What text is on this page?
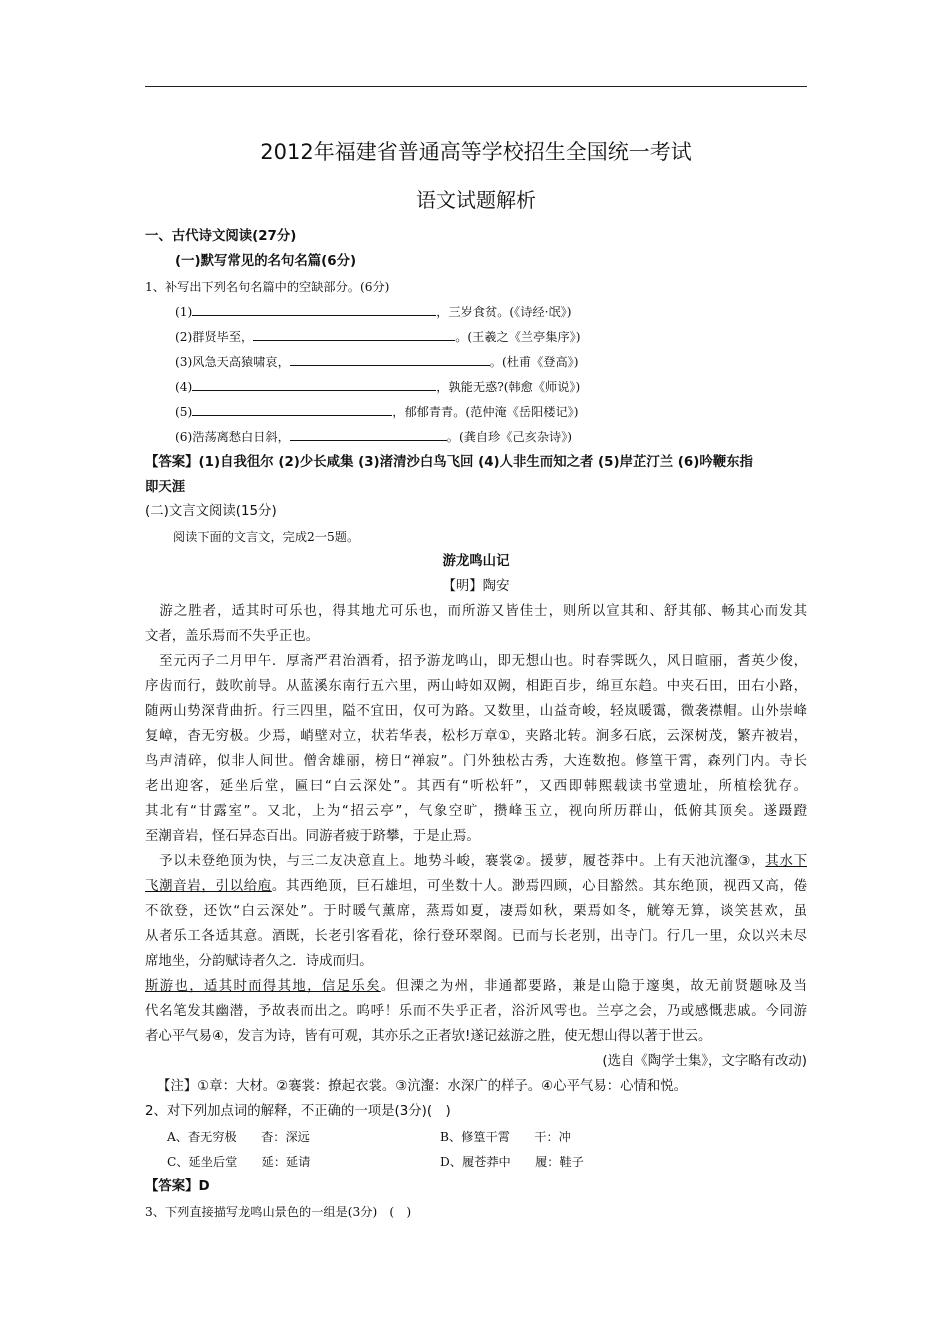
2012年福建省普通高等学校招生全国统一考试
语文试题解析
一、古代诗文阅读(27分)
(一)默写常见的名句名篇(6分)
1、补写出下列名句名篇中的空缺部分。(6分)
(1)	，三岁食贫。(《诗经·氓》)
(2)群贤毕至，	。(王羲之《兰亭集序》)
(3)风急天高猿啸哀，	。(杜甫《登高》)
(4)	，孰能无惑?(韩愈《师说》)
(5)	，郁郁青青。(范仲淹《岳阳楼记》)
(6)浩荡离愁白日斜，	。(龚自珍《己亥杂诗》)
【答案】(1)自我徂尔 (2)少长咸集 (3)渚清沙白鸟飞回 (4)人非生而知之者 (5)岸芷汀兰 (6)吟鞭东指
即天涯
(二)文言文阅读(15分)
阅读下面的文言文，完成2一5题。
游龙鸣山记
【明】陶安
　游之胜者，适其时可乐也，得其地尤可乐也，而所游又皆佳士，则所以宣其和、舒其郁、畅其心而发其
文者，盖乐焉而不失乎正也。
　至元丙子二月甲午．厚斋严君治酒肴，招予游龙鸣山，即无想山也。时春霁既久，风日暄丽，耆英少俊，
序齿而行，鼓吹前导。从蓝溪东南行五六里，两山峙如双阙，相距百步，绵亘东趋。中夹石田，田右小路，
随两山势深背曲折。行三四里，隘不宜田，仅可为路。又数里，山益奇峻，轻岚暖霭，微袭襟帽。山外崇峰
复嶂，杳无穷极。少焉，峭壁对立，状若华表，松杉万章①，夹路北转。涧多石底，云深树茂，繁卉被岩，
鸟声清碎，似非人间世。僧舍雄丽，榜日“禅寂”。门外独松古秀，大连数抱。修篁干霄，森列门内。寺长
老出迎客，延坐后堂，匾曰“白云深处”。其西有“听松轩”，又西即韩熙载读书堂遗址，所植桧犹存。
其北有“甘露室”。又北，上为“招云亭”，气象空旷，攒峰玉立，视向所历群山，低俯其顶矣。遂蹑蹬
至潮音岩，怪石异态百出。同游者疲于跻攀，于是止焉。
　予以未登绝顶为快，与三二友决意直上。地势斗峻，褰裳②。援萝，履苍莽中。上有天池沆瀣③，其水下
飞潮音岩，引以给庖。其西绝顶，巨石雄坦，可坐数十人。渺焉四顾，心目豁然。其东绝顶，视西又高，倦
不欲登，还饮“白云深处”。于时暖气薰席，蒸焉如夏，凄焉如秋，栗焉如冬，觥筹无算，谈笑甚欢，虽
从者乐工各适其意。酒既，长老引客看花，徐行登环翠阁。已而与长老别，出寺门。行几一里，众以兴未尽
席地坐，分韵赋诗者久之．诗成而归。
斯游也，适其时而得其地，信足乐矣。但溧之为州，非通都要路，兼是山隐于邃奥，故无前贤题咏及当
代名笔发其幽潜，予故表而出之。呜呼！乐而不失乎正者，浴沂风雩也。兰亭之会，乃或感慨悲戚。今同游
者心平气易④，发言为诗，皆有可观，其亦乐之正者欤!遂记兹游之胜，使无想山得以著于世云。
(选自《陶学士集》，文字略有改动)
【注】①章：大材。②褰裳：撩起衣裳。③沆瀣：水深广的样子。④心平气易：心情和悦。
2、对下列加点词的解释，不正确的一项是(3分)(　)
A、杳无穷极　　杳：深远	B、修篁干霄　　干：冲
C、延坐后堂　　延：延请	D、履苍莽中　　履：鞋子
【答案】D
3、下列直接描写龙鸣山景色的一组是(3分)　(　)
